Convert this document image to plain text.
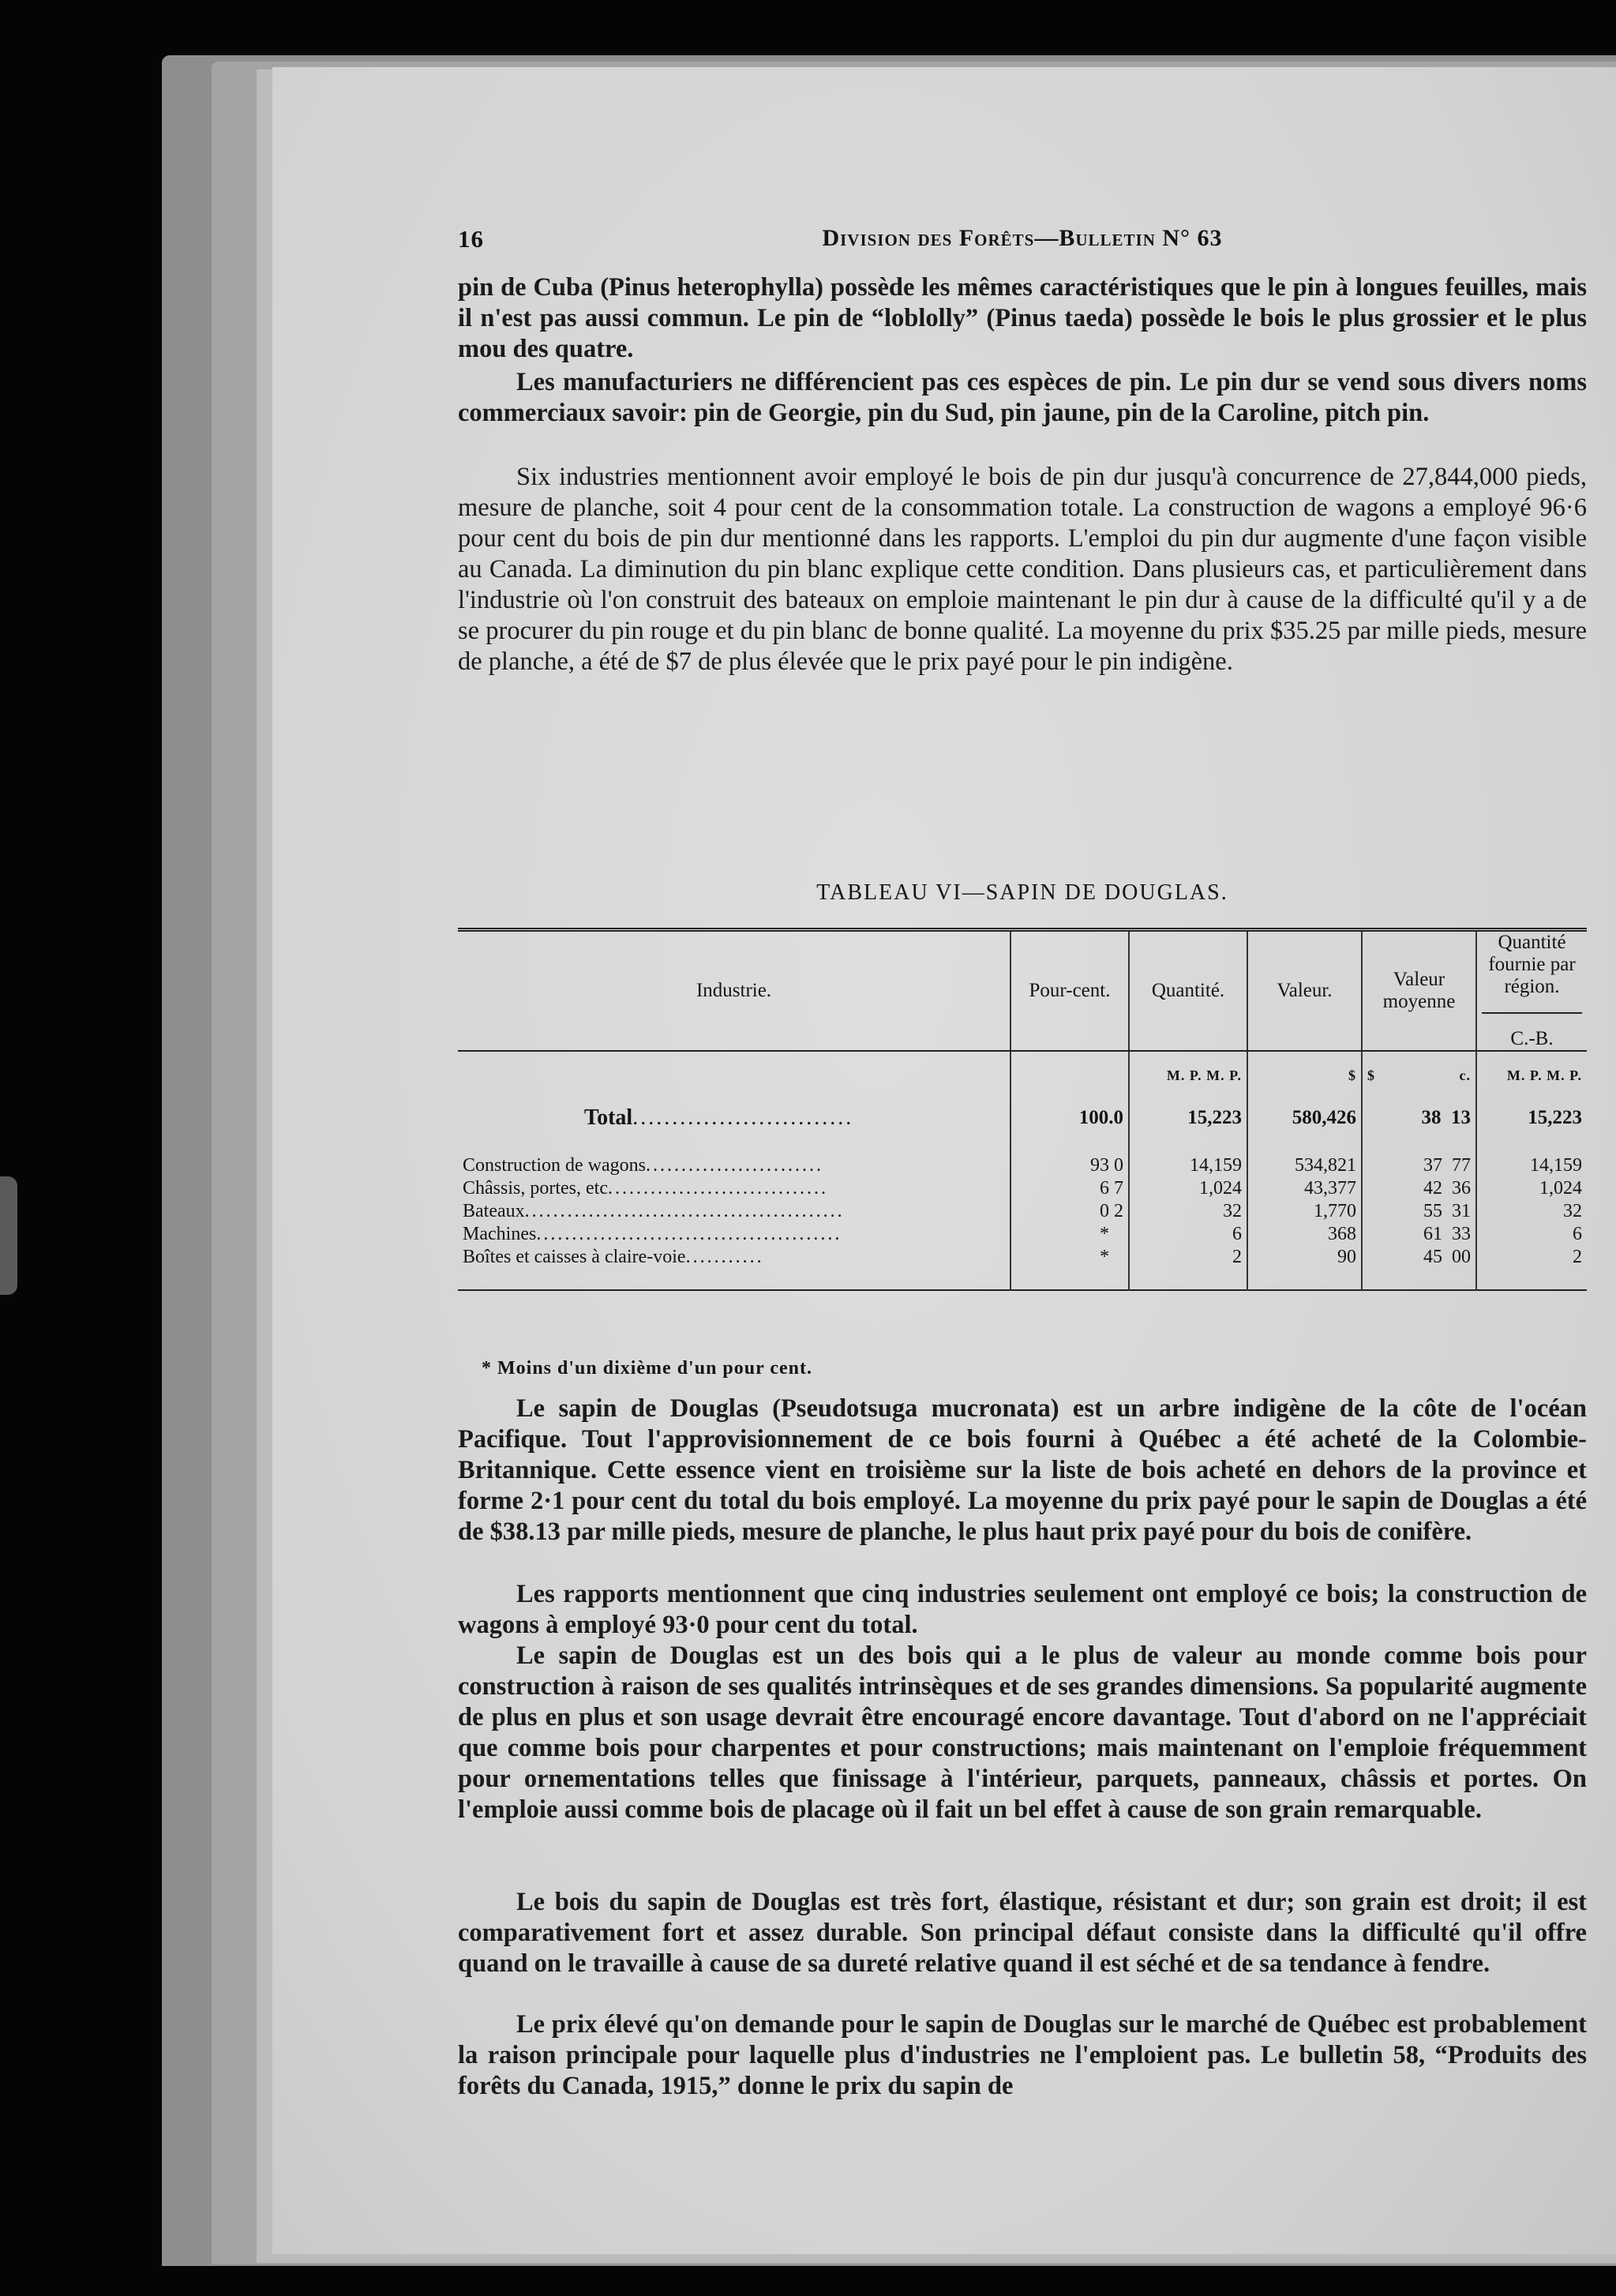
16	Division des Forêts—Bulletin N° 63

pin de Cuba (Pinus heterophylla) possède les mêmes caractéristiques que le pin à longues feuilles, mais il n'est pas aussi commun. Le pin de “loblolly” (Pinus taeda) possède le bois le plus grossier et le plus mou des quatre.

Les manufacturiers ne différencient pas ces espèces de pin. Le pin dur se vend sous divers noms commerciaux savoir: pin de Georgie, pin du Sud, pin jaune, pin de la Caroline, pitch pin.

Six industries mentionnent avoir employé le bois de pin dur jusqu'à concurrence de 27,844,000 pieds, mesure de planche, soit 4 pour cent de la consommation totale. La construction de wagons a employé 96·6 pour cent du bois de pin dur mentionné dans les rapports. L'emploi du pin dur augmente d'une façon visible au Canada. La diminution du pin blanc explique cette condition. Dans plusieurs cas, et particulièrement dans l'industrie où l'on construit des bateaux on emploie maintenant le pin dur à cause de la difficulté qu'il y a de se procurer du pin rouge et du pin blanc de bonne qualité. La moyenne du prix $35.25 par mille pieds, mesure de planche, a été de $7 de plus élevée que le prix payé pour le pin indigène.

TABLEAU VI—SAPIN DE DOUGLAS.
Industrie.	Pour-cent.	Quantité.	Valeur.	Valeur moyenne	Quantité fournie par région.
C.-B.

		M. P. M. P.	$	$ c.	M. P. M. P.
Total............................	100.0	15,223	580,426	38 13	15,223

Construction de wagons.........................	93 0	14,159	534,821	37 77	14,159
Châssis, portes, etc...............................	6 7	1,024	43,377	42 36	1,024
Bateaux.............................................	0 2	32	1,770	55 31	32
Machines...........................................	*	6	368	61 33	6
Boîtes et caisses à claire-voie...........	*	2	90	45 00	2

* Moins d'un dixième d'un pour cent.

Le sapin de Douglas (Pseudotsuga mucronata) est un arbre indigène de la côte de l'océan Pacifique. Tout l'approvisionnement de ce bois fourni à Québec a été acheté de la Colombie-Britannique. Cette essence vient en troisième sur la liste de bois acheté en dehors de la province et forme 2·1 pour cent du total du bois employé. La moyenne du prix payé pour le sapin de Douglas a été de $38.13 par mille pieds, mesure de planche, le plus haut prix payé pour du bois de conifère.

Les rapports mentionnent que cinq industries seulement ont employé ce bois; la construction de wagons à employé 93·0 pour cent du total.

Le sapin de Douglas est un des bois qui a le plus de valeur au monde comme bois pour construction à raison de ses qualités intrinsèques et de ses grandes dimensions. Sa popularité augmente de plus en plus et son usage devrait être encouragé encore davantage. Tout d'abord on ne l'appréciait que comme bois pour charpentes et pour constructions; mais maintenant on l'emploie fréquemment pour ornementations telles que finissage à l'intérieur, parquets, panneaux, châssis et portes. On l'emploie aussi comme bois de placage où il fait un bel effet à cause de son grain remarquable.

Le bois du sapin de Douglas est très fort, élastique, résistant et dur; son grain est droit; il est comparativement fort et assez durable. Son principal défaut consiste dans la difficulté qu'il offre quand on le travaille à cause de sa dureté relative quand il est séché et de sa tendance à fendre.

Le prix élevé qu'on demande pour le sapin de Douglas sur le marché de Québec est probablement la raison principale pour laquelle plus d'industries ne l'emploient pas. Le bulletin 58, “Produits des forêts du Canada, 1915,” donne le prix du sapin de
